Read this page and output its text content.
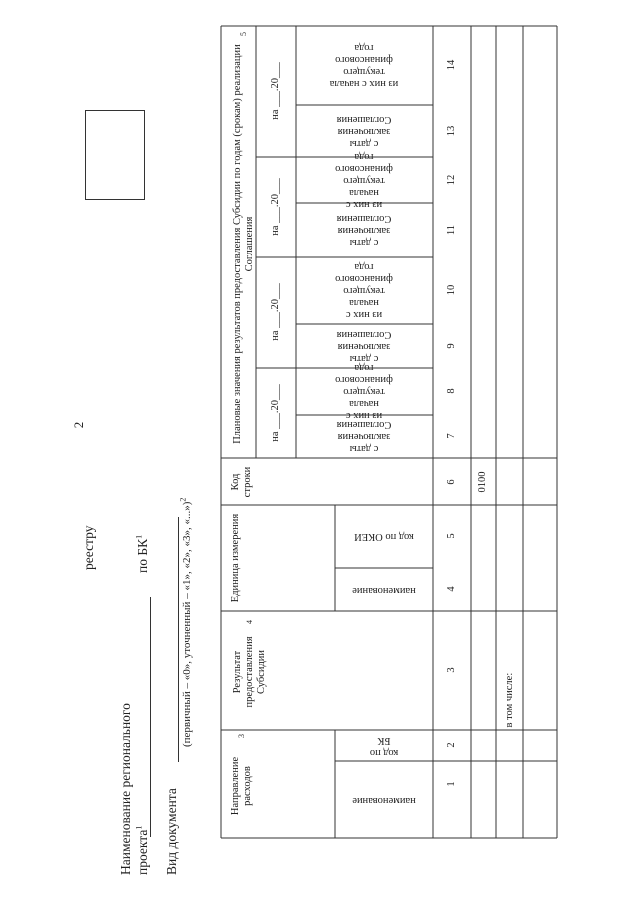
2
Наименование регионального проекта$^1$
по $БК^1$
реестру
Вид документа
(первичный – «0», уточненный – «1», «2», «3», «...»)$^2$
Направление расходов
3
Результат предоставления Субсидии
4
Единица измерения
Код строки
Плановые значения результатов предоставления Субсидии по годам (срокам) реализации Соглашения
5
наименование
код по БК
наименование
код по ОКЕИ
на ___.20___
на ___.20___
на ___.20___
на ___.20___
с даты заключения Соглашения
из них с начала текущего финансового года
с даты заключения Соглашения
из них с начала текущего финансового года
с даты заключения Соглашения
из них с начала текущего финансового года
с даты заключения Соглашения
из них с начала текущего финансового года
1
2
3
4
5
6
7
8
9
10
11
12
13
14
0100
в том числе:
